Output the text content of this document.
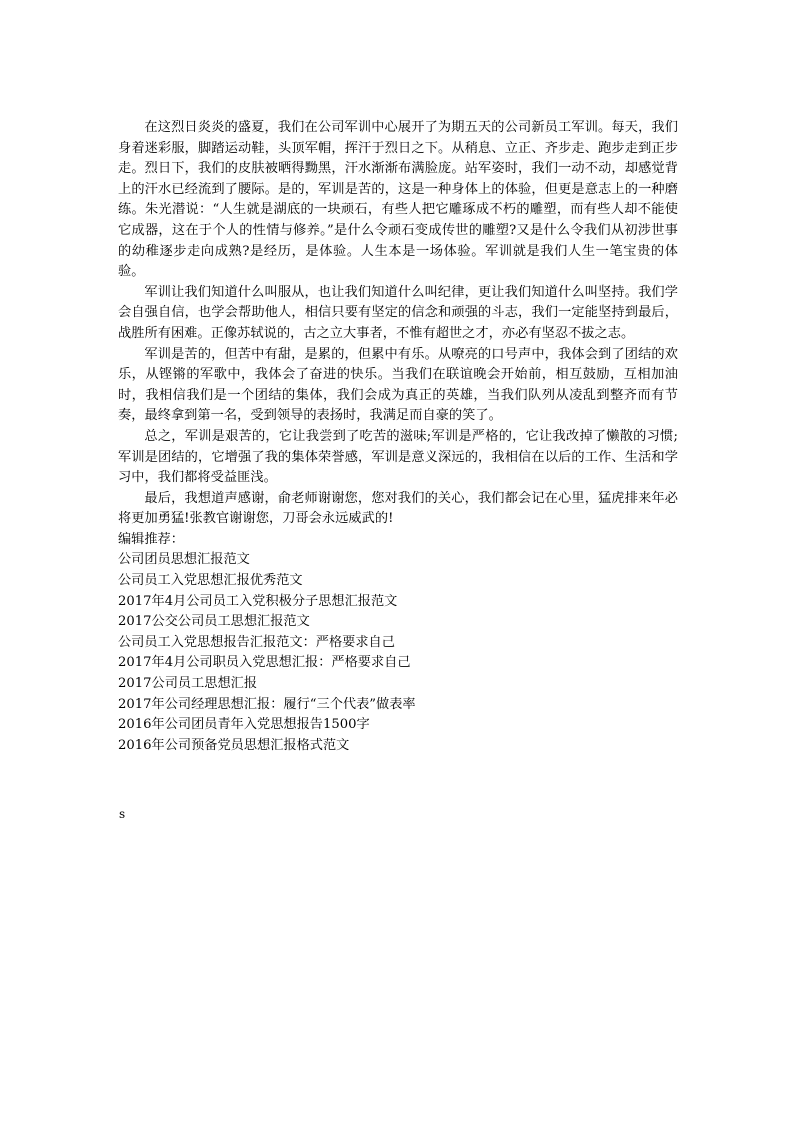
在这烈日炎炎的盛夏，我们在公司军训中心展开了为期五天的公司新员工军训。每天，我们身着迷彩服，脚踏运动鞋，头顶军帽，挥汗于烈日之下。从稍息、立正、齐步走、跑步走到正步走。烈日下，我们的皮肤被晒得黝黑，汗水渐渐布满脸庞。站军姿时，我们一动不动，却感觉背上的汗水已经流到了腰际。是的，军训是苦的，这是一种身体上的体验，但更是意志上的一种磨练。朱光潜说：“人生就是湖底的一块顽石，有些人把它雕琢成不朽的雕塑，而有些人却不能使它成器，这在于个人的性情与修养。”是什么令顽石变成传世的雕塑?又是什么令我们从初涉世事的幼稚逐步走向成熟?是经历，是体验。人生本是一场体验。军训就是我们人生一笔宝贵的体验。

军训让我们知道什么叫服从，也让我们知道什么叫纪律，更让我们知道什么叫坚持。我们学会自强自信，也学会帮助他人，相信只要有坚定的信念和顽强的斗志，我们一定能坚持到最后，战胜所有困难。正像苏轼说的，古之立大事者，不惟有超世之才，亦必有坚忍不拔之志。

军训是苦的，但苦中有甜，是累的，但累中有乐。从嘹亮的口号声中，我体会到了团结的欢乐，从铿锵的军歌中，我体会了奋进的快乐。当我们在联谊晚会开始前，相互鼓励，互相加油时，我相信我们是一个团结的集体，我们会成为真正的英雄，当我们队列从凌乱到整齐而有节奏，最终拿到第一名，受到领导的表扬时，我满足而自豪的笑了。

总之，军训是艰苦的，它让我尝到了吃苦的滋味;军训是严格的，它让我改掉了懒散的习惯;军训是团结的，它增强了我的集体荣誉感，军训是意义深远的，我相信在以后的工作、生活和学习中，我们都将受益匪浅。

最后，我想道声感谢，俞老师谢谢您，您对我们的关心，我们都会记在心里，猛虎排来年必将更加勇猛!张教官谢谢您，刀哥会永远威武的!

编辑推荐：

公司团员思想汇报范文
公司员工入党思想汇报优秀范文
2017年4月公司员工入党积极分子思想汇报范文
2017公交公司员工思想汇报范文
公司员工入党思想报告汇报范文：严格要求自己
2017年4月公司职员入党思想汇报：严格要求自己
2017公司员工思想汇报
2017年公司经理思想汇报：履行“三个代表”做表率
2016年公司团员青年入党思想报告1500字
2016年公司预备党员思想汇报格式范文
s
